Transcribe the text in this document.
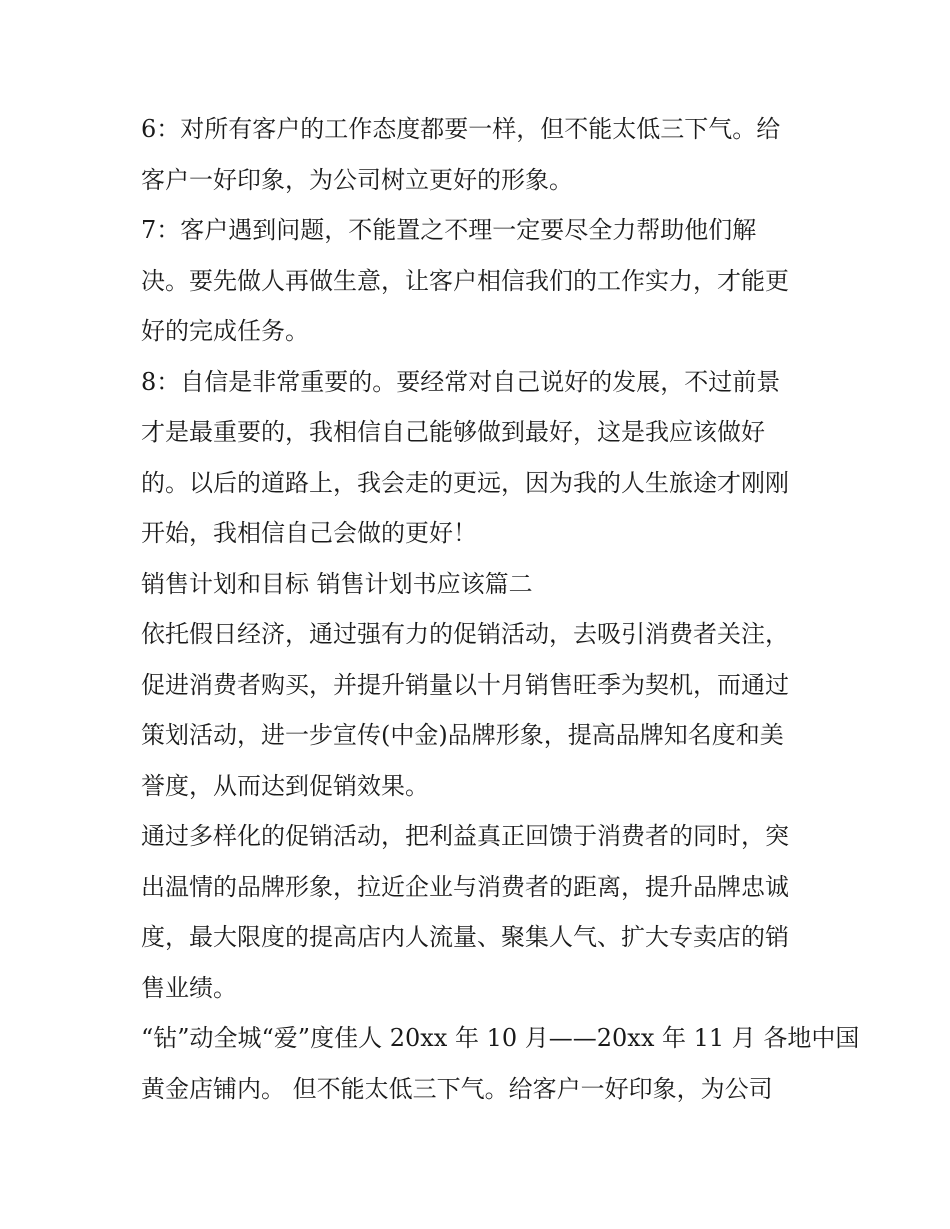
6：对所有客户的工作态度都要一样，但不能太低三下气。给
客户一好印象，为公司树立更好的形象。
7：客户遇到问题，不能置之不理一定要尽全力帮助他们解
决。要先做人再做生意，让客户相信我们的工作实力，才能更
好的完成任务。
8：自信是非常重要的。要经常对自己说好的发展，不过前景
才是最重要的，我相信自己能够做到最好，这是我应该做好
的。以后的道路上，我会走的更远，因为我的人生旅途才刚刚
开始，我相信自己会做的更好！
销售计划和目标 销售计划书应该篇二
依托假日经济，通过强有力的促销活动，去吸引消费者关注，
促进消费者购买，并提升销量以十月销售旺季为契机，而通过
策划活动，进一步宣传(中金)品牌形象，提高品牌知名度和美
誉度，从而达到促销效果。
通过多样化的促销活动，把利益真正回馈于消费者的同时，突
出温情的品牌形象，拉近企业与消费者的距离，提升品牌忠诚
度，最大限度的提高店内人流量、聚集人气、扩大专卖店的销
售业绩。
“钻”动全城“爱”度佳人 20xx 年 10 月——20xx 年 11 月 各地中国
黄金店铺内。 但不能太低三下气。给客户一好印象，为公司
